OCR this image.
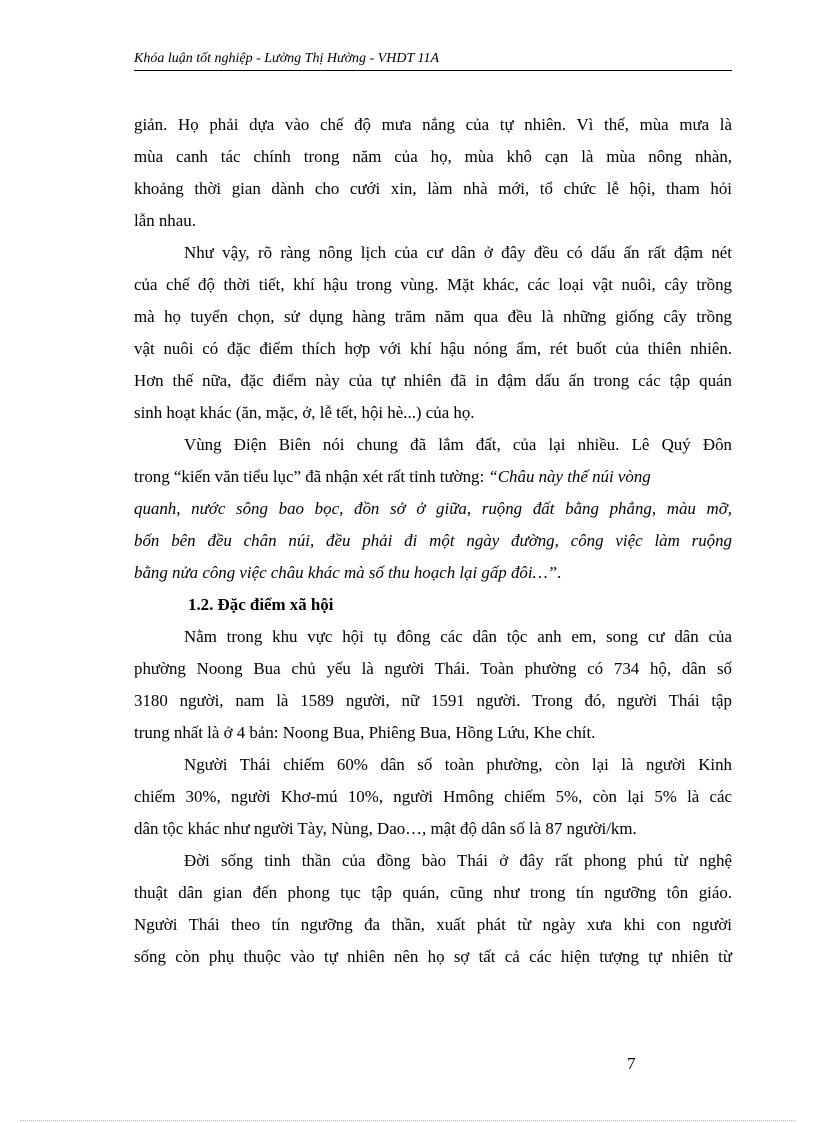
Khóa luận tốt nghiệp - Lường Thị Hường - VHDT 11A
giản. Họ phải dựa vào chế độ mưa nắng của tự nhiên. Vì thế, mùa mưa là
mùa canh tác chính trong năm của họ, mùa khô cạn là mùa nông nhàn,
khoảng thời gian dành cho cưới xin, làm nhà mới, tổ chức lễ hội, tham hỏi
lẫn nhau.
Như vậy, rõ ràng nông lịch của cư dân ở đây đều có dấu ấn rất đậm nét
của chế độ thời tiết, khí hậu trong vùng. Mặt khác, các loại vật nuôi, cây trồng
mà họ tuyển chọn, sử dụng hàng trăm năm qua đều là những giống cây trồng
vật nuôi có đặc điểm thích hợp với khí hậu nóng ẩm, rét buốt của thiên nhiên.
Hơn thế nữa, đặc điểm này của tự nhiên đã in đậm dấu ấn trong các tập quán
sinh hoạt khác (ăn, mặc, ở, lễ tết, hội hè...) của họ.
Vùng Điện Biên nói chung đã lắm đất, của lại nhiều. Lê Quý Đôn
trong “kiến văn tiểu lục” đã nhận xét rất tinh tường: “Châu này thế núi vòng
quanh, nước sông bao bọc, đồn sở ở giữa, ruộng đất bằng phẳng, màu mỡ,
bốn bên đều chân núi, đều phải đi một ngày đường, công việc làm ruộng
bằng nửa công việc châu khác mà số thu hoạch lại gấp đôi…”.
1.2. Đặc điểm xã hội
Nằm trong khu vực hội tụ đông các dân tộc anh em, song cư dân của
phường Noong Bua chủ yếu là người Thái. Toàn phường có 734 hộ, dân số
3180 người, nam là 1589 người, nữ 1591 người. Trong đó, người Thái tập
trung nhất là ở 4 bản: Noong Bua, Phiêng Bua, Hồng Lứu, Khe chít.
Người Thái chiếm 60% dân số toàn phường, còn lại là người Kinh
chiếm 30%, người Khơ-mú 10%, người Hmông chiếm 5%, còn lại 5% là các
dân tộc khác như người Tày, Nùng, Dao…, mật độ dân số là 87 người/km.
Đời sống tinh thần của đồng bào Thái ở đây rất phong phú từ nghệ
thuật dân gian đến phong tục tập quán, cũng như trong tín ngưỡng tôn giáo.
Người Thái theo tín ngưỡng đa thần, xuất phát từ ngày xưa khi con người
sống còn phụ thuộc vào tự nhiên nên họ sợ tất cả các hiện tượng tự nhiên từ
7
